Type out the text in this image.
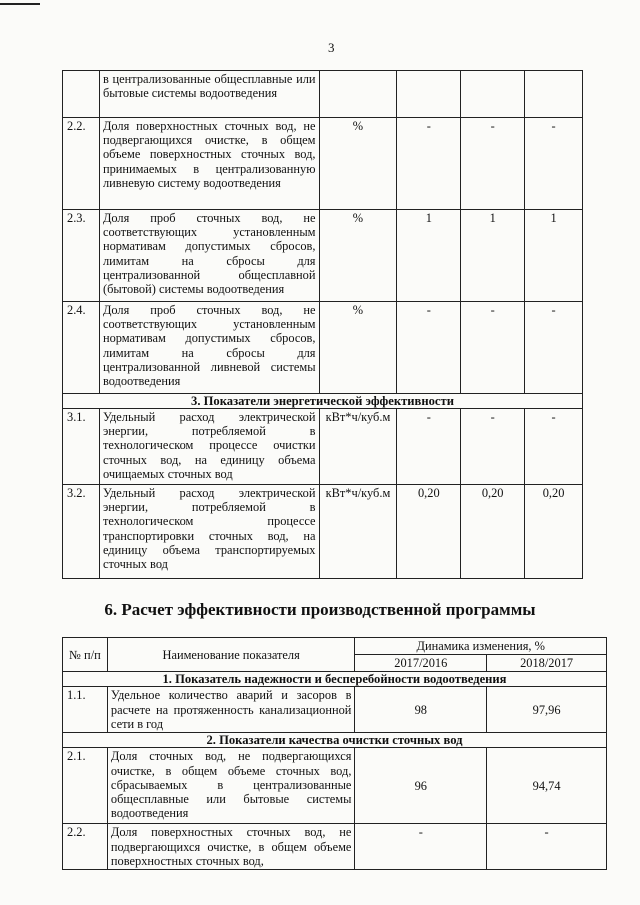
3
	в централизованные общесплавные или бытовые системы водоотведения				
2.2.	Доля поверхностных сточных вод, не подвергающихся очистке, в общем объеме поверхностных сточных вод, принимаемых в централизованную ливневую систему водоотведения	%	-	-	-
2.3.	Доля проб сточных вод, не соответствующих установленным нормативам допустимых сбросов, лимитам на сбросы для централизованной общесплавной (бытовой) системы водоотведения	%	1	1	1
2.4.	Доля проб сточных вод, не соответствующих установленным нормативам допустимых сбросов, лимитам на сбросы для централизованной ливневой системы водоотведения	%	-	-	-
3. Показатели энергетической эффективности					
3.1.	Удельный расход электрической энергии, потребляемой в технологическом процессе очистки сточных вод, на единицу объема очищаемых сточных вод	кВт*ч/куб.м	-	-	-
3.2.	Удельный расход электрической энергии, потребляемой в технологическом процессе транспортировки сточных вод, на единицу объема транспортируемых сточных вод	кВт*ч/куб.м	0,20	0,20	0,20
6. Расчет эффективности производственной программы
№ п/п	Наименование показателя	Динамика изменения, %	
		2017/2016	2018/2017
1. Показатель надежности и бесперебойности водоотведения			
1.1.	Удельное количество аварий и засоров в расчете на протяженность канализационной сети в год	98	97,96
2. Показатели качества очистки сточных вод			
2.1.	Доля сточных вод, не подвергающихся очистке, в общем объеме сточных вод, сбрасываемых в централизованные общесплавные или бытовые системы водоотведения	96	94,74
2.2.	Доля поверхностных сточных вод, не подвергающихся очистке, в общем объеме поверхностных сточных вод,	-	-
